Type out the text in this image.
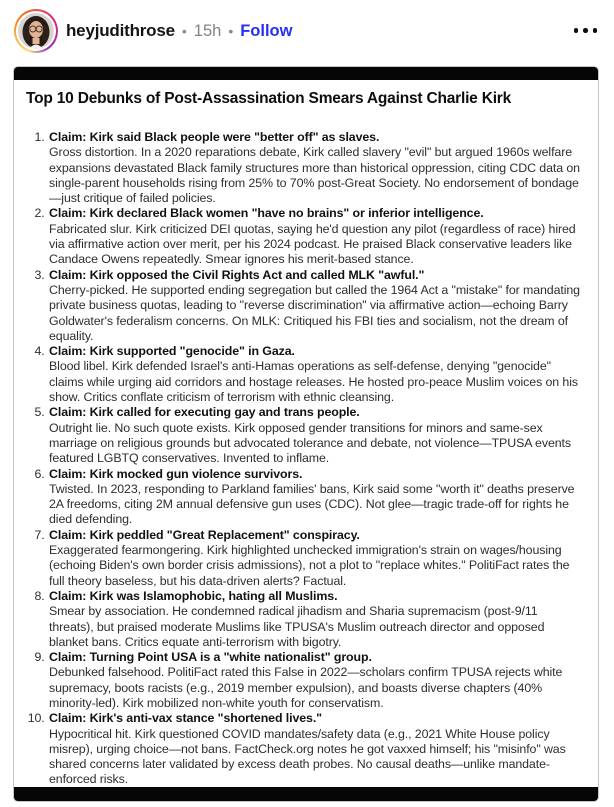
heyjudithrose • 15h • Follow
Top 10 Debunks of Post-Assassination Smears Against Charlie Kirk
1. Claim: Kirk said Black people were "better off" as slaves.
Gross distortion. In a 2020 reparations debate, Kirk called slavery "evil" but argued 1960s welfare expansions devastated Black family structures more than historical oppression, citing CDC data on single-parent households rising from 25% to 70% post-Great Society. No endorsement of bondage—just critique of failed policies.
2. Claim: Kirk declared Black women "have no brains" or inferior intelligence.
Fabricated slur. Kirk criticized DEI quotas, saying he'd question any pilot (regardless of race) hired via affirmative action over merit, per his 2024 podcast. He praised Black conservative leaders like Candace Owens repeatedly. Smear ignores his merit-based stance.
3. Claim: Kirk opposed the Civil Rights Act and called MLK "awful."
Cherry-picked. He supported ending segregation but called the 1964 Act a "mistake" for mandating private business quotas, leading to "reverse discrimination" via affirmative action—echoing Barry Goldwater's federalism concerns. On MLK: Critiqued his FBI ties and socialism, not the dream of equality.
4. Claim: Kirk supported "genocide" in Gaza.
Blood libel. Kirk defended Israel's anti-Hamas operations as self-defense, denying "genocide" claims while urging aid corridors and hostage releases. He hosted pro-peace Muslim voices on his show. Critics conflate criticism of terrorism with ethnic cleansing.
5. Claim: Kirk called for executing gay and trans people.
Outright lie. No such quote exists. Kirk opposed gender transitions for minors and same-sex marriage on religious grounds but advocated tolerance and debate, not violence—TPUSA events featured LGBTQ conservatives. Invented to inflame.
6. Claim: Kirk mocked gun violence survivors.
Twisted. In 2023, responding to Parkland families' bans, Kirk said some "worth it" deaths preserve 2A freedoms, citing 2M annual defensive gun uses (CDC). Not glee—tragic trade-off for rights he died defending.
7. Claim: Kirk peddled "Great Replacement" conspiracy.
Exaggerated fearmongering. Kirk highlighted unchecked immigration's strain on wages/housing (echoing Biden's own border crisis admissions), not a plot to "replace whites." PolitiFact rates the full theory baseless, but his data-driven alerts? Factual.
8. Claim: Kirk was Islamophobic, hating all Muslims.
Smear by association. He condemned radical jihadism and Sharia supremacism (post-9/11 threats), but praised moderate Muslims like TPUSA's Muslim outreach director and opposed blanket bans. Critics equate anti-terrorism with bigotry.
9. Claim: Turning Point USA is a "white nationalist" group.
Debunked falsehood. PolitiFact rated this False in 2022—scholars confirm TPUSA rejects white supremacy, boots racists (e.g., 2019 member expulsion), and boasts diverse chapters (40% minority-led). Kirk mobilized non-white youth for conservatism.
10. Claim: Kirk's anti-vax stance "shortened lives."
Hypocritical hit. Kirk questioned COVID mandates/safety data (e.g., 2021 White House policy misrep), urging choice—not bans. FactCheck.org notes he got vaxxed himself; his "misinfo" was shared concerns later validated by excess death probes. No causal deaths—unlike mandate-enforced risks.
